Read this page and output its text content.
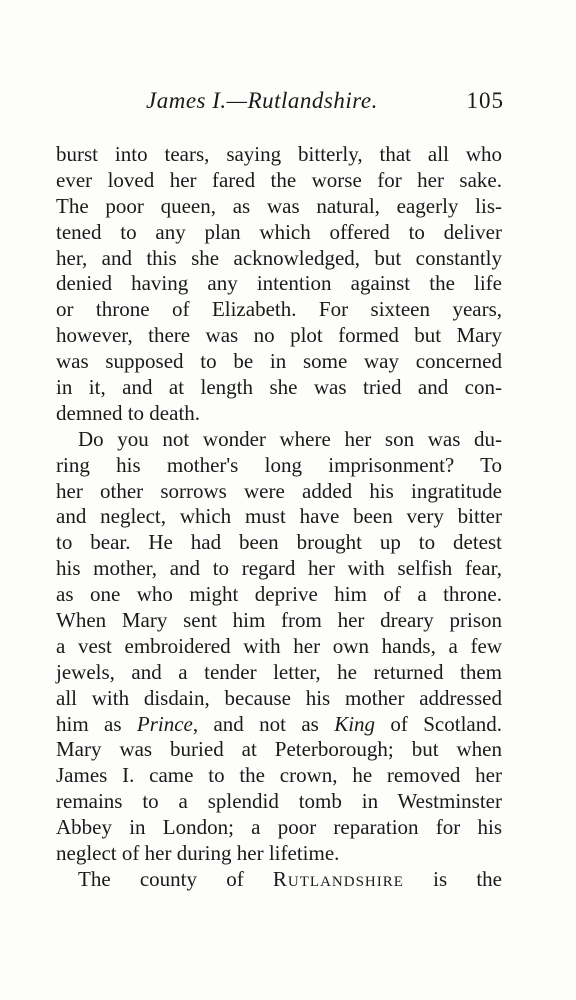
James I.—Rutlandshire.	105
burst into tears, saying bitterly, that all who
ever loved her fared the worse for her sake.
The poor queen, as was natural, eagerly lis-
tened to any plan which offered to deliver
her, and this she acknowledged, but constantly
denied having any intention against the life
or throne of Elizabeth. For sixteen years,
however, there was no plot formed but Mary
was supposed to be in some way concerned
in it, and at length she was tried and con-
demned to death.
Do you not wonder where her son was du-
ring his mother's long imprisonment? To
her other sorrows were added his ingratitude
and neglect, which must have been very bitter
to bear. He had been brought up to detest
his mother, and to regard her with selfish fear,
as one who might deprive him of a throne.
When Mary sent him from her dreary prison
a vest embroidered with her own hands, a few
jewels, and a tender letter, he returned them
all with disdain, because his mother addressed
him as Prince, and not as King of Scotland.
Mary was buried at Peterborough; but when
James I. came to the crown, he removed her
remains to a splendid tomb in Westminster
Abbey in London; a poor reparation for his
neglect of her during her lifetime.
The county of Rutlandshire is the
